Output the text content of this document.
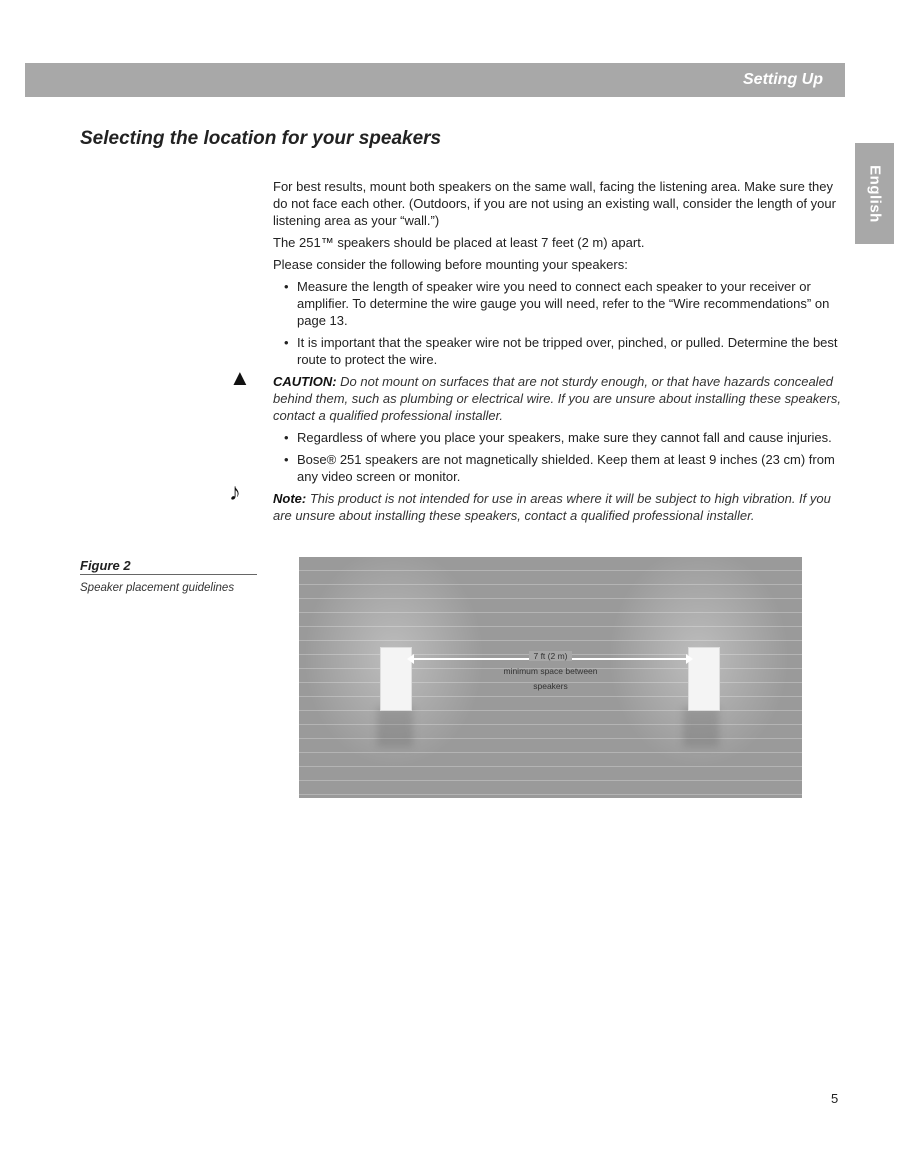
Setting Up
Selecting the location for your speakers
English

For best results, mount both speakers on the same wall, facing the listening area. Make sure they do not face each other. (Outdoors, if you are not using an existing wall, consider the length of your listening area as your “wall.”)

The 251™ speakers should be placed at least 7 feet (2 m) apart.

Please consider the following before mounting your speakers:

• Measure the length of speaker wire you need to connect each speaker to your receiver or amplifier. To determine the wire gauge you will need, refer to the “Wire recommendations” on page 13.
• It is important that the speaker wire not be tripped over, pinched, or pulled. Determine the best route to protect the wire.

▲ CAUTION: Do not mount on surfaces that are not sturdy enough, or that have hazards concealed behind them, such as plumbing or electrical wire. If you are unsure about installing these speakers, contact a qualified professional installer.

• Regardless of where you place your speakers, make sure they cannot fall and cause injuries.
• Bose® 251 speakers are not magnetically shielded. Keep them at least 9 inches (23 cm) from any video screen or monitor.

♪ Note: This product is not intended for use in areas where it will be subject to high vibration. If you are unsure about installing these speakers, contact a qualified professional installer.

Figure 2
Speaker placement guidelines
7 ft (2 m)
minimum space between
speakers
5
